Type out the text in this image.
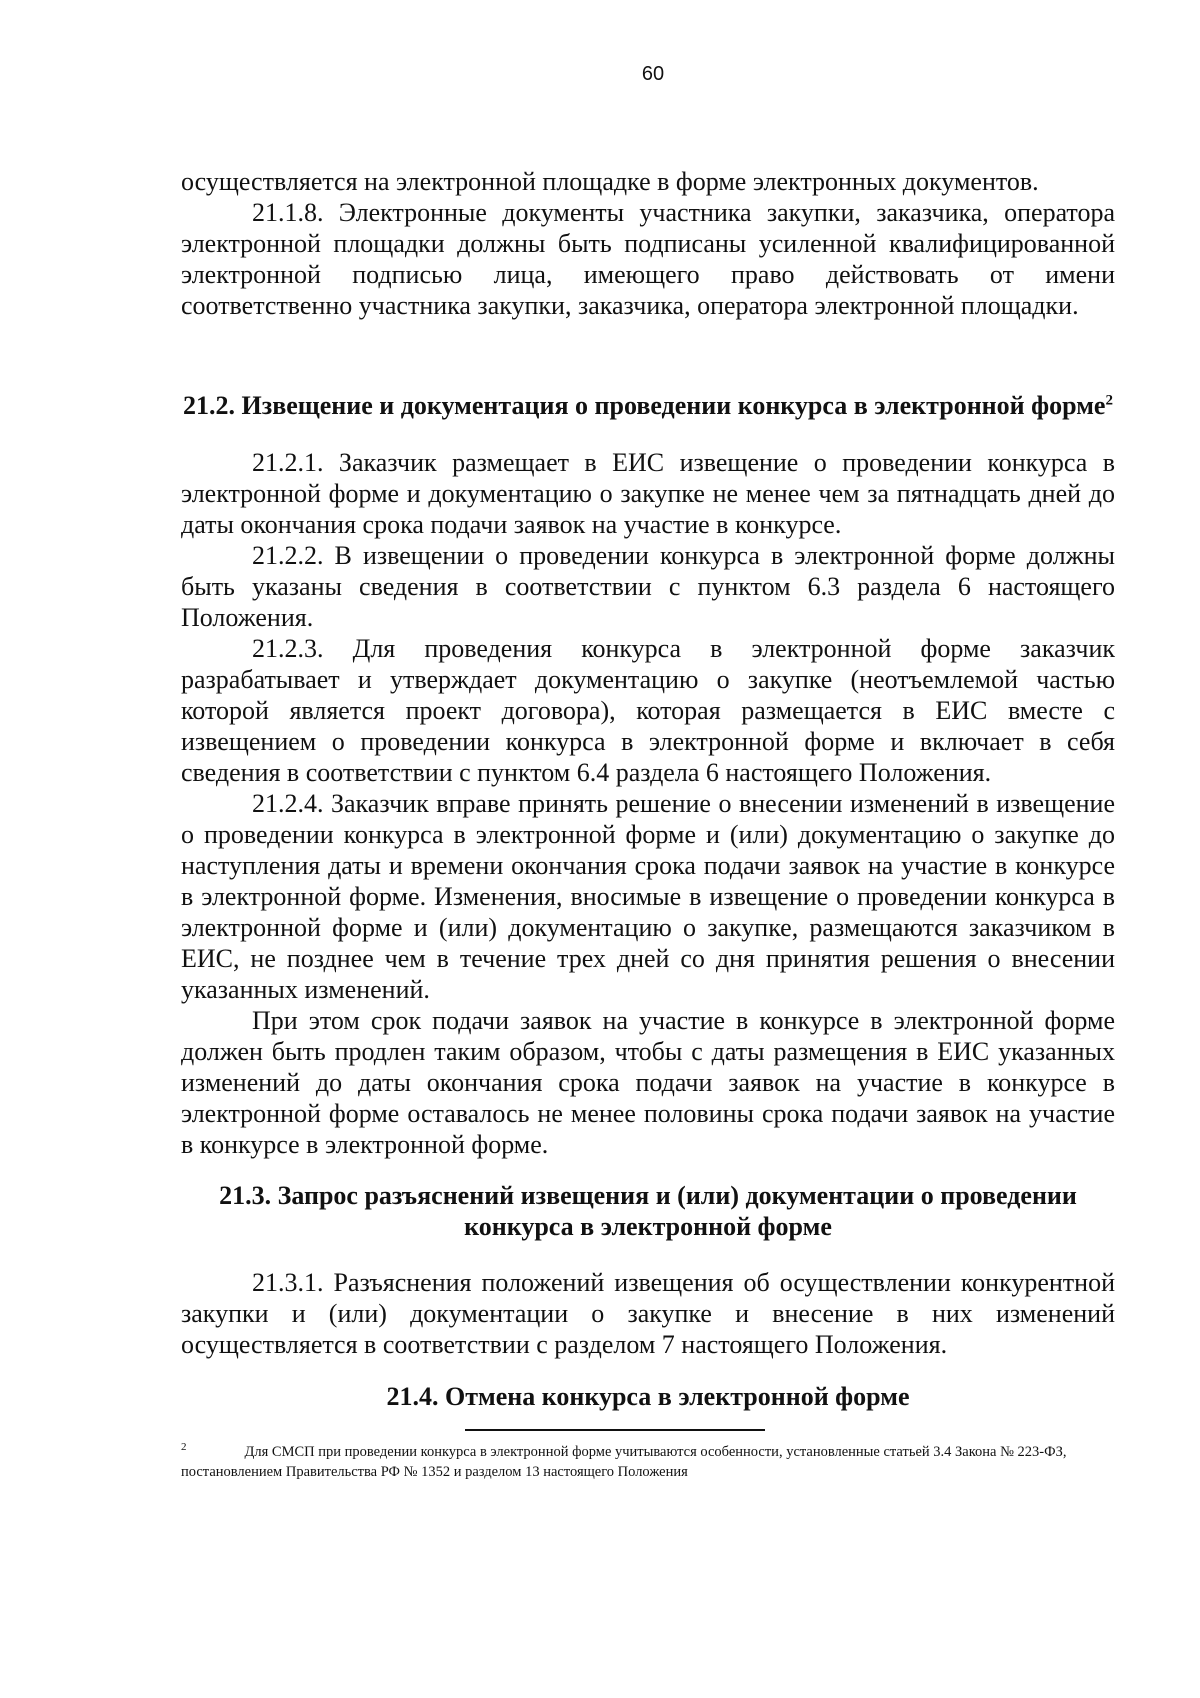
60

осуществляется на электронной площадке в форме электронных документов.

21.1.8. Электронные документы участника закупки, заказчика, оператора электронной площадки должны быть подписаны усиленной квалифицированной электронной подписью лица, имеющего право действовать от имени соответственно участника закупки, заказчика, оператора электронной площадки.

21.2. Извещение и документация о проведении конкурса в электронной форме$^2$

21.2.1. Заказчик размещает в ЕИС извещение о проведении конкурса в электронной форме и документацию о закупке не менее чем за пятнадцать дней до даты окончания срока подачи заявок на участие в конкурсе.

21.2.2. В извещении о проведении конкурса в электронной форме должны быть указаны сведения в соответствии с пунктом 6.3 раздела 6 настоящего Положения.

21.2.3. Для проведения конкурса в электронной форме заказчик разрабатывает и утверждает документацию о закупке (неотъемлемой частью которой является проект договора), которая размещается в ЕИС вместе с извещением о проведении конкурса в электронной форме и включает в себя сведения в соответствии с пунктом 6.4 раздела 6 настоящего Положения.

21.2.4. Заказчик вправе принять решение о внесении изменений в извещение о проведении конкурса в электронной форме и (или) документацию о закупке до наступления даты и времени окончания срока подачи заявок на участие в конкурсе в электронной форме. Изменения, вносимые в извещение о проведении конкурса в электронной форме и (или) документацию о закупке, размещаются заказчиком в ЕИС, не позднее чем в течение трех дней со дня принятия решения о внесении указанных изменений.

При этом срок подачи заявок на участие в конкурсе в электронной форме должен быть продлен таким образом, чтобы с даты размещения в ЕИС указанных изменений до даты окончания срока подачи заявок на участие в конкурсе в электронной форме оставалось не менее половины срока подачи заявок на участие в конкурсе в электронной форме.

21.3. Запрос разъяснений извещения и (или) документации о проведении конкурса в электронной форме

21.3.1. Разъяснения положений извещения об осуществлении конкурентной закупки и (или) документации о закупке и внесение в них изменений осуществляется в соответствии с разделом 7 настоящего Положения.

21.4. Отмена конкурса в электронной форме
$^2$	Для СМСП при проведении конкурса в электронной форме учитываются особенности, установленные статьей 3.4 Закона № 223-ФЗ, постановлением Правительства РФ № 1352 и разделом 13 настоящего Положения
